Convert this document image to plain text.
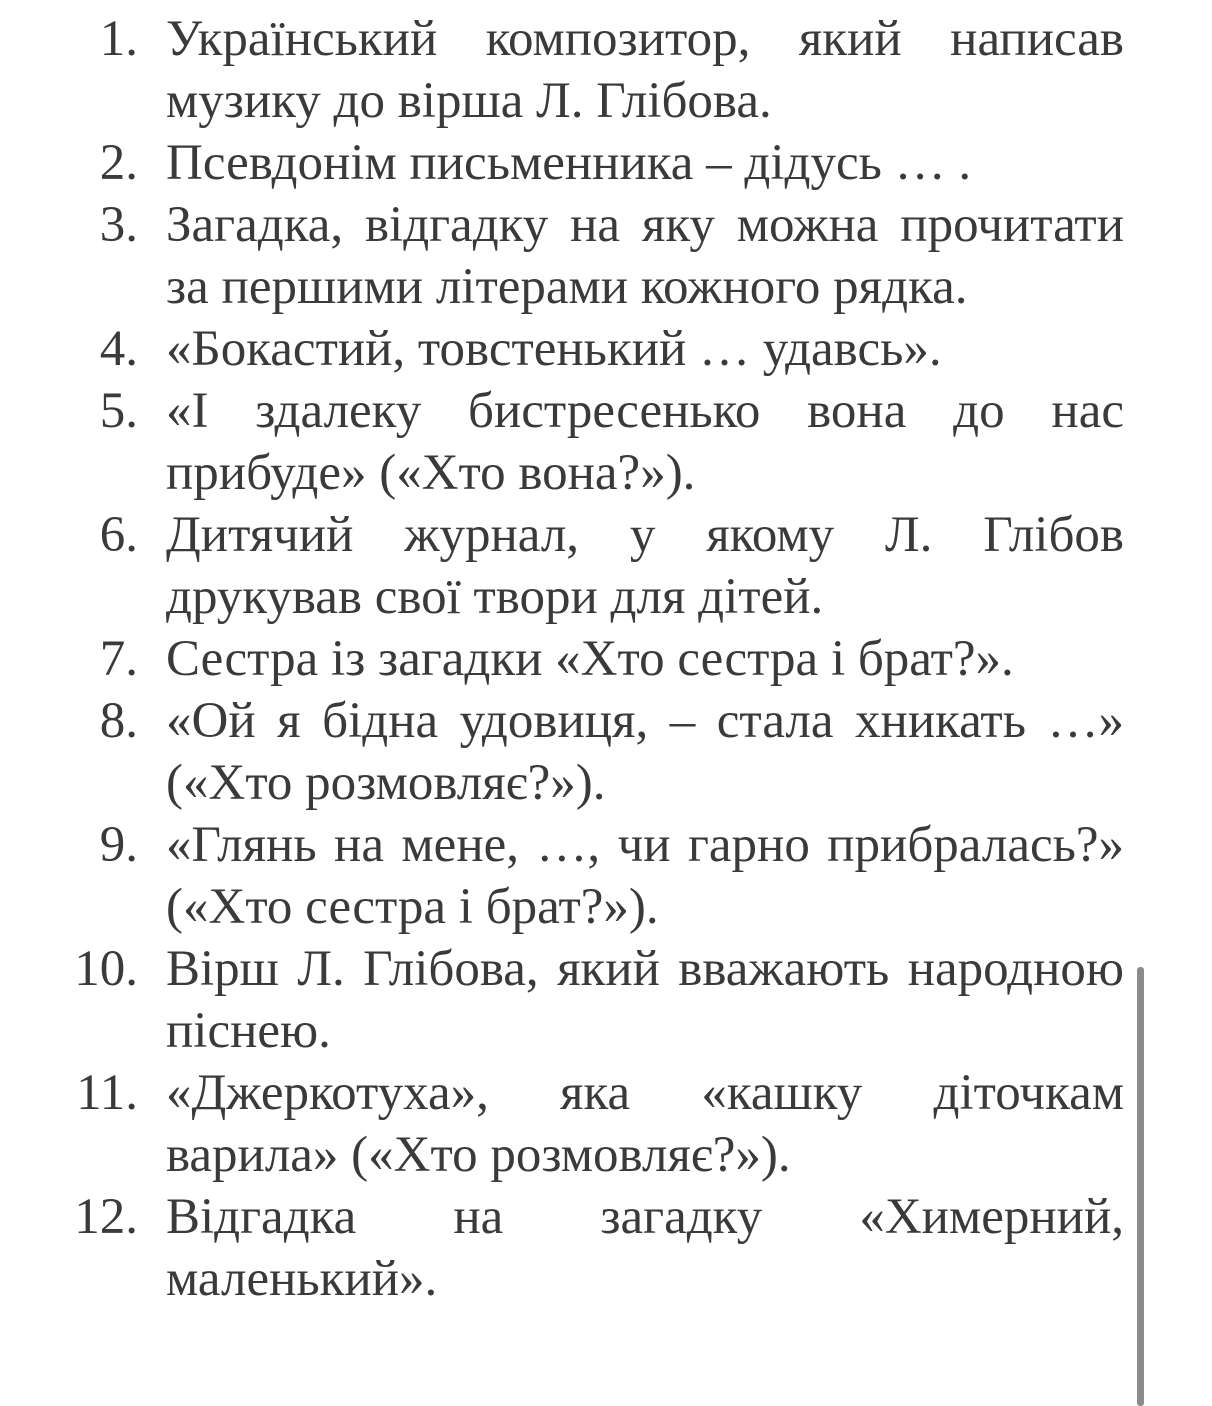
1. Український композитор, який написав музику до вірша Л. Глібова.
2. Псевдонім письменника – дідусь … .
3. Загадка, відгадку на яку можна прочитати за першими літерами кожного рядка.
4. «Бокастий, товстенький … удавсь».
5. «І здалеку бистресенько вона до нас прибуде» («Хто вона?»).
6. Дитячий журнал, у якому Л. Глібов друкував свої твори для дітей.
7. Сестра із загадки «Хто сестра і брат?».
8. «Ой я бідна удовиця, – стала хникать …» («Хто розмовляє?»).
9. «Глянь на мене, …, чи гарно прибралась?» («Хто сестра і брат?»).
10. Вірш Л. Глібова, який вважають народною піснею.
11. «Джеркотуха», яка «кашку діточкам варила» («Хто розмовляє?»).
12. Відгадка на загадку «Химерний, маленький».
